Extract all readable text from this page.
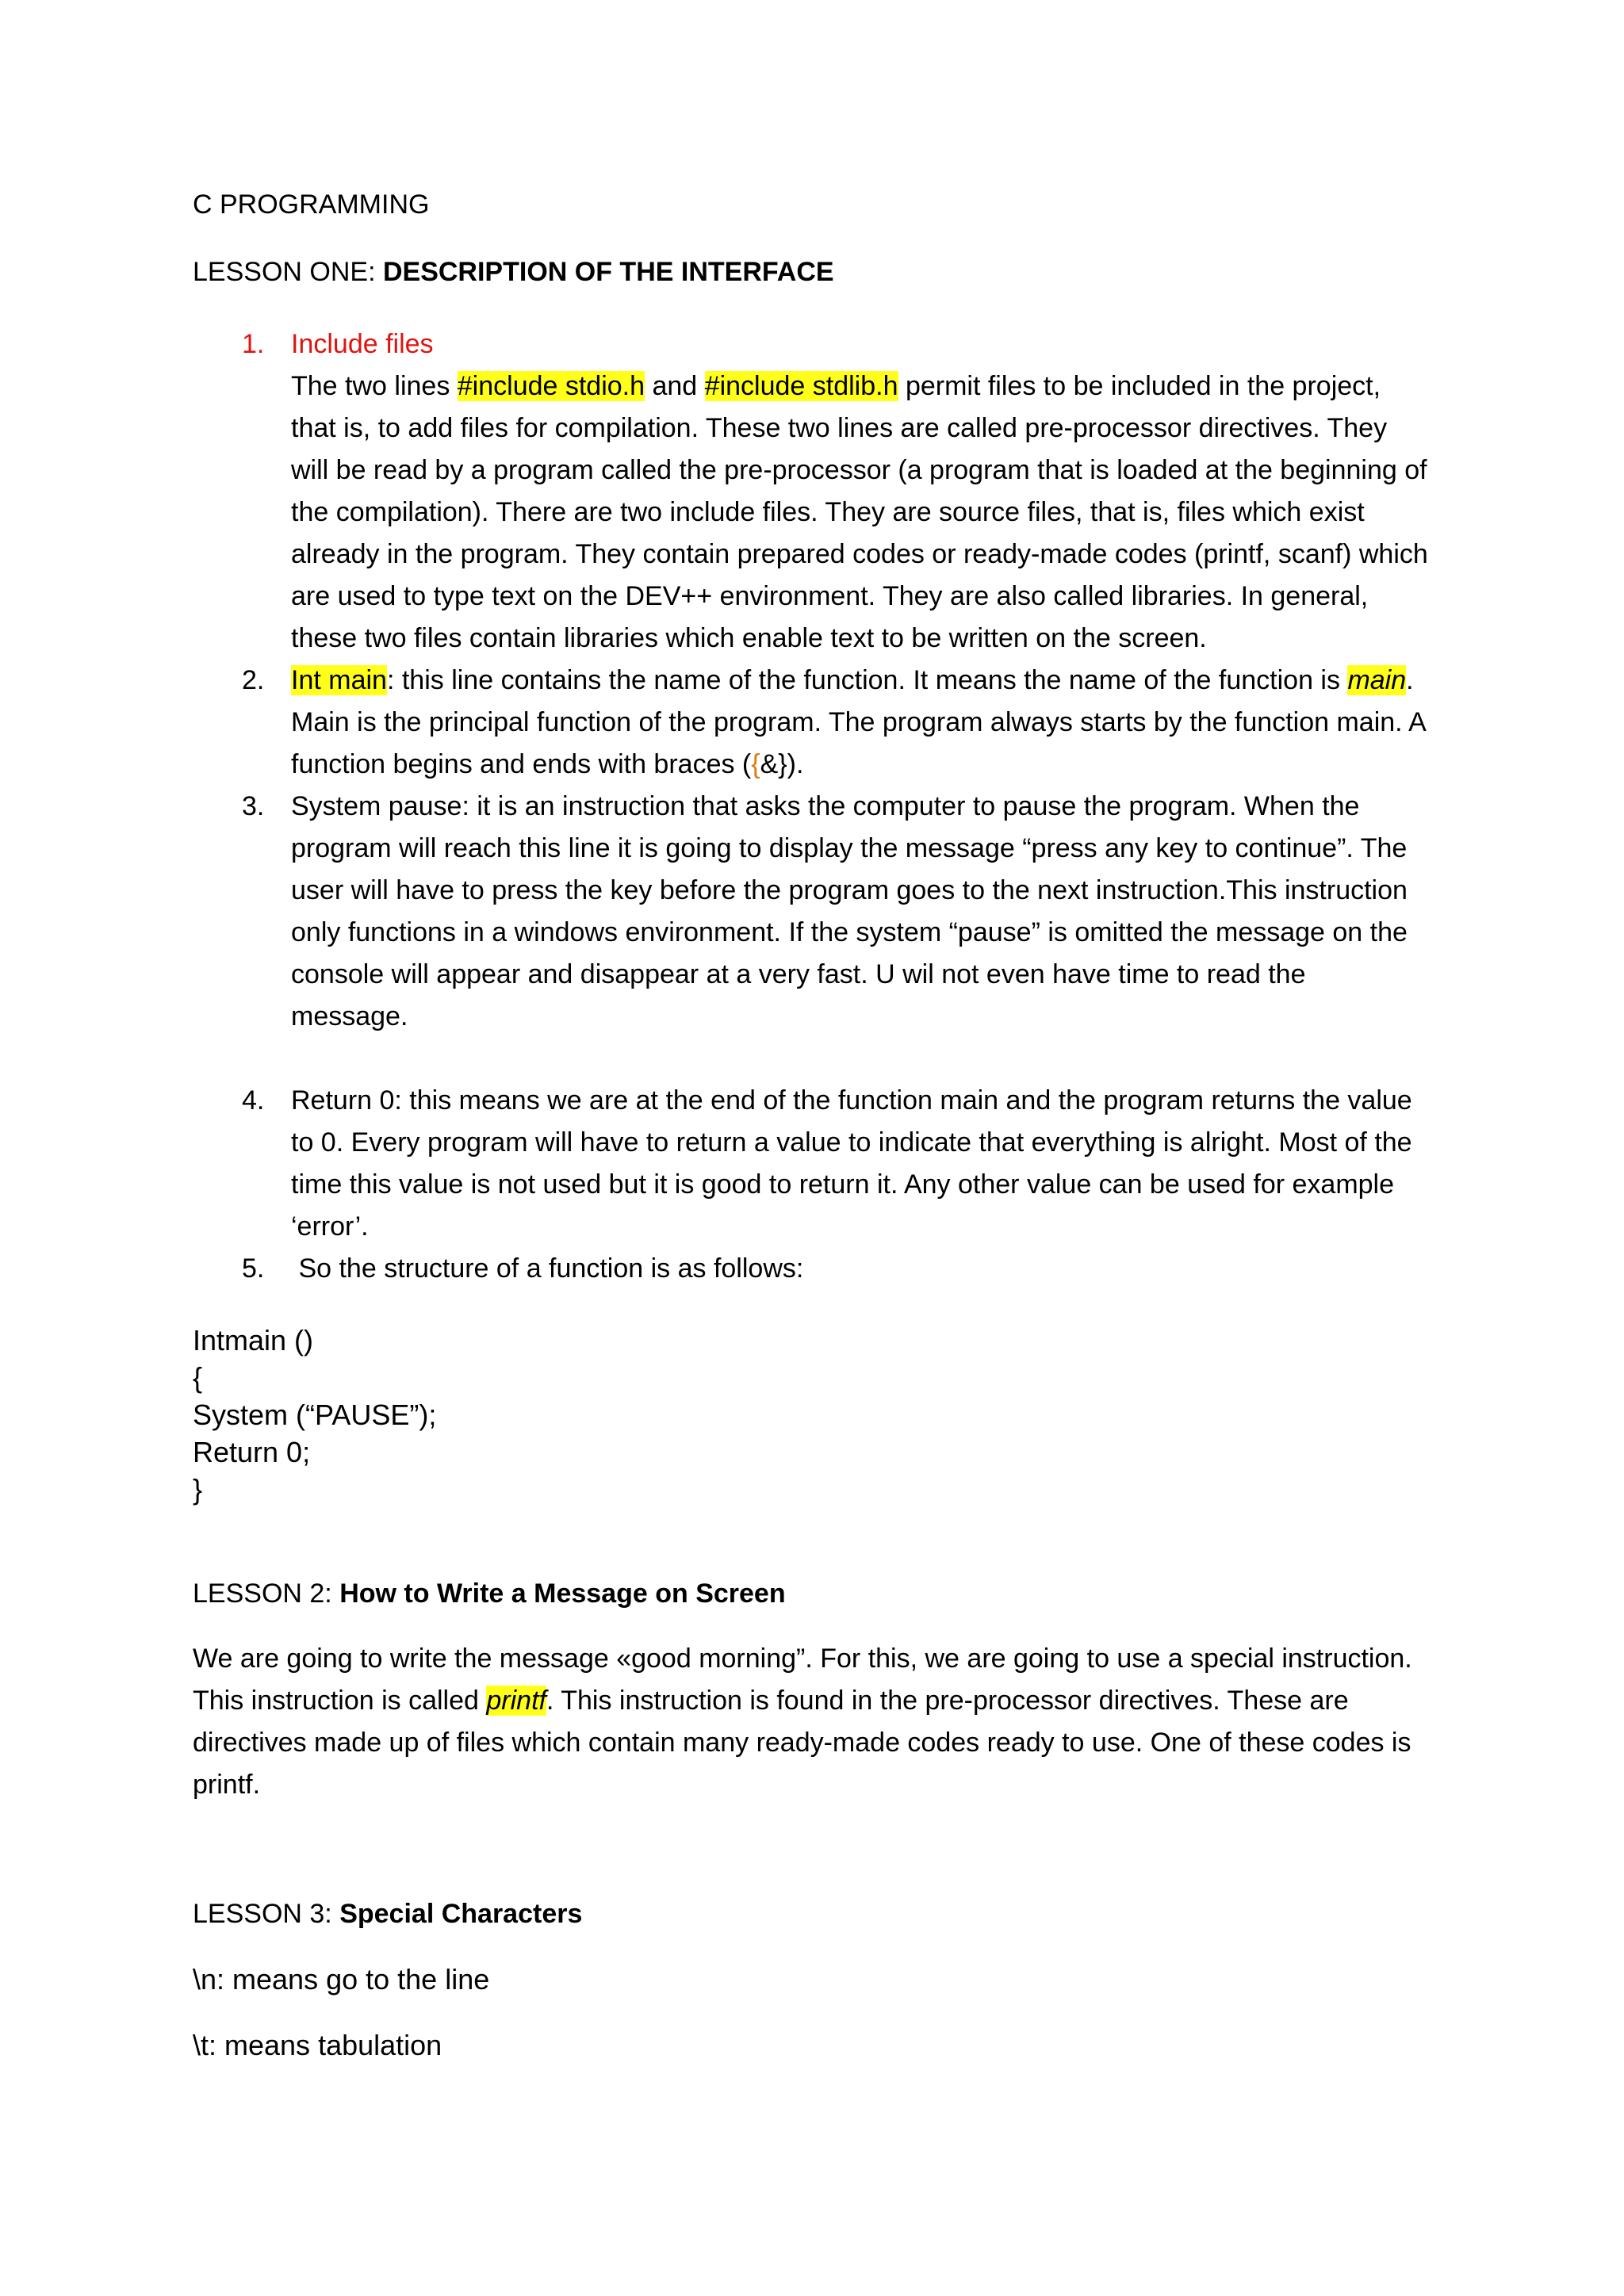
C PROGRAMMING
LESSON ONE: DESCRIPTION OF THE INTERFACE
1. Include files
The two lines #include stdio.h and #include stdlib.h permit files to be included in the project, that is, to add files for compilation. These two lines are called pre-processor directives. They will be read by a program called the pre-processor (a program that is loaded at the beginning of the compilation). There are two include files. They are source files, that is, files which exist already in the program. They contain prepared codes or ready-made codes (printf, scanf) which are used to type text on the DEV++ environment. They are also called libraries. In general, these two files contain libraries which enable text to be written on the screen.
2. Int main: this line contains the name of the function. It means the name of the function is main. Main is the principal function of the program. The program always starts by the function main. A function begins and ends with braces ({&}).
3. System pause: it is an instruction that asks the computer to pause the program. When the program will reach this line it is going to display the message “press any key to continue”. The user will have to press the key before the program goes to the next instruction.This instruction only functions in a windows environment. If the system “pause” is omitted the message on the console will appear and disappear at a very fast. U wil not even have time to read the message.
4. Return 0: this means we are at the end of the function main and the program returns the value to 0. Every program will have to return a value to indicate that everything is alright. Most of the time this value is not used but it is good to return it. Any other value can be used for example ‘error’.
5. So the structure of a function is as follows:
Intmain ()
{
System (“PAUSE”);
Return 0;
}
LESSON 2: How to Write a Message on Screen
We are going to write the message «good morning”. For this, we are going to use a special instruction. This instruction is called printf. This instruction is found in the pre-processor directives. These are directives made up of files which contain many ready-made codes ready to use. One of these codes is printf.
LESSON 3: Special Characters
\n: means go to the line
\t: means tabulation
